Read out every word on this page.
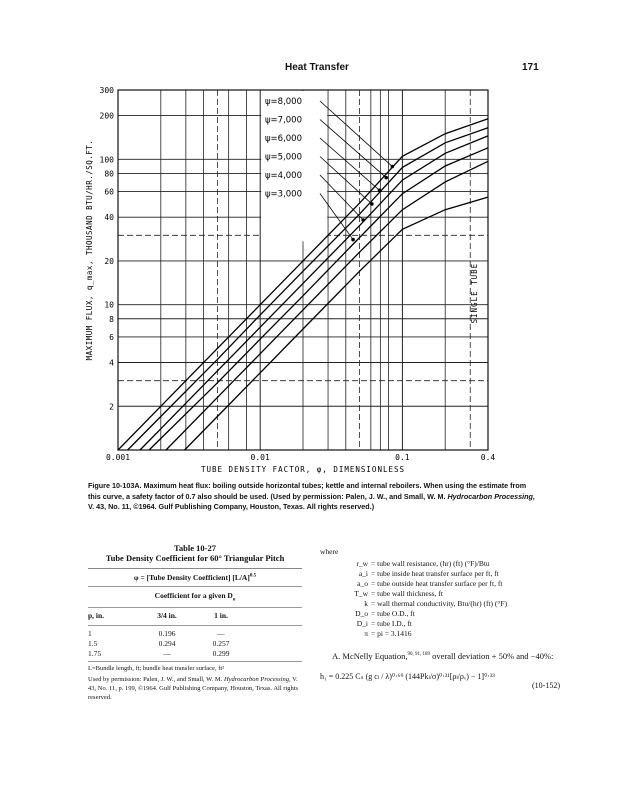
Heat Transfer	171
300
200
100
80
60
40
20
10
8
6
4
2
0.001	0.01	0.1	0.4
TUBE DENSITY FACTOR, φ, DIMENSIONLESS
MAXIMUM FLUX, q_max, THOUSAND BTU/HR./SQ.FT.	SINGLE TUBE
ψ=8,000
ψ=7,000
ψ=6,000
ψ=5,000
ψ=4,000
ψ=3,000
Figure 10-103A. Maximum heat flux: boiling outside horizontal tubes; kettle and internal reboilers. When using the estimate from this curve, a safety factor of 0.7 also should be used. (Used by permission: Palen, J. W., and Small, W. M. Hydrocarbon Processing, V. 43, No. 11, ©1964. Gulf Publishing Company, Houston, Texas. All rights reserved.)
Table 10-27
Tube Density Coefficient for 60° Triangular Pitch
φ = [Tube Density Coefficient] $[L/A]^{0.5}$
Coefficient for a given $D_o$
p, in.	3/4 in.	1 in.
1	0.196	—
1.5	0.294	0.257
1.75	—	0.299
L=Bundle length, ft; bundle heat transfer surface, ft²
Used by permission: Palen, J. W., and Small, W. M. Hydrocarbon Processing, V. 43, No. 11, p. 199, ©1964. Gulf Publishing Company, Houston, Texas. All rights reserved.
where
r_w = tube wall resistance, (hr) (ft) (°F)/Btu
a_i = tube inside heat transfer surface per ft, ft
a_o = tube outside heat transfer surface per ft, ft
T_w = tube wall thickness, ft
k = wall thermal conductivity, Btu/(hr) (ft) (°F)
D_o = tube O.D., ft
D_i = tube I.D., ft
π = pi = 3.1416
A. McNelly Equation,$^{90, 91, 189}$ overall deviation + 50% and −40%:
h₁ = 0.225 Cₛ (g cₗ / λ)⁰·⁶⁹ (144Pkₗ/σ)⁰·³¹[ρₗ/ρᵥ) − 1]⁰·³³
(10-152)
